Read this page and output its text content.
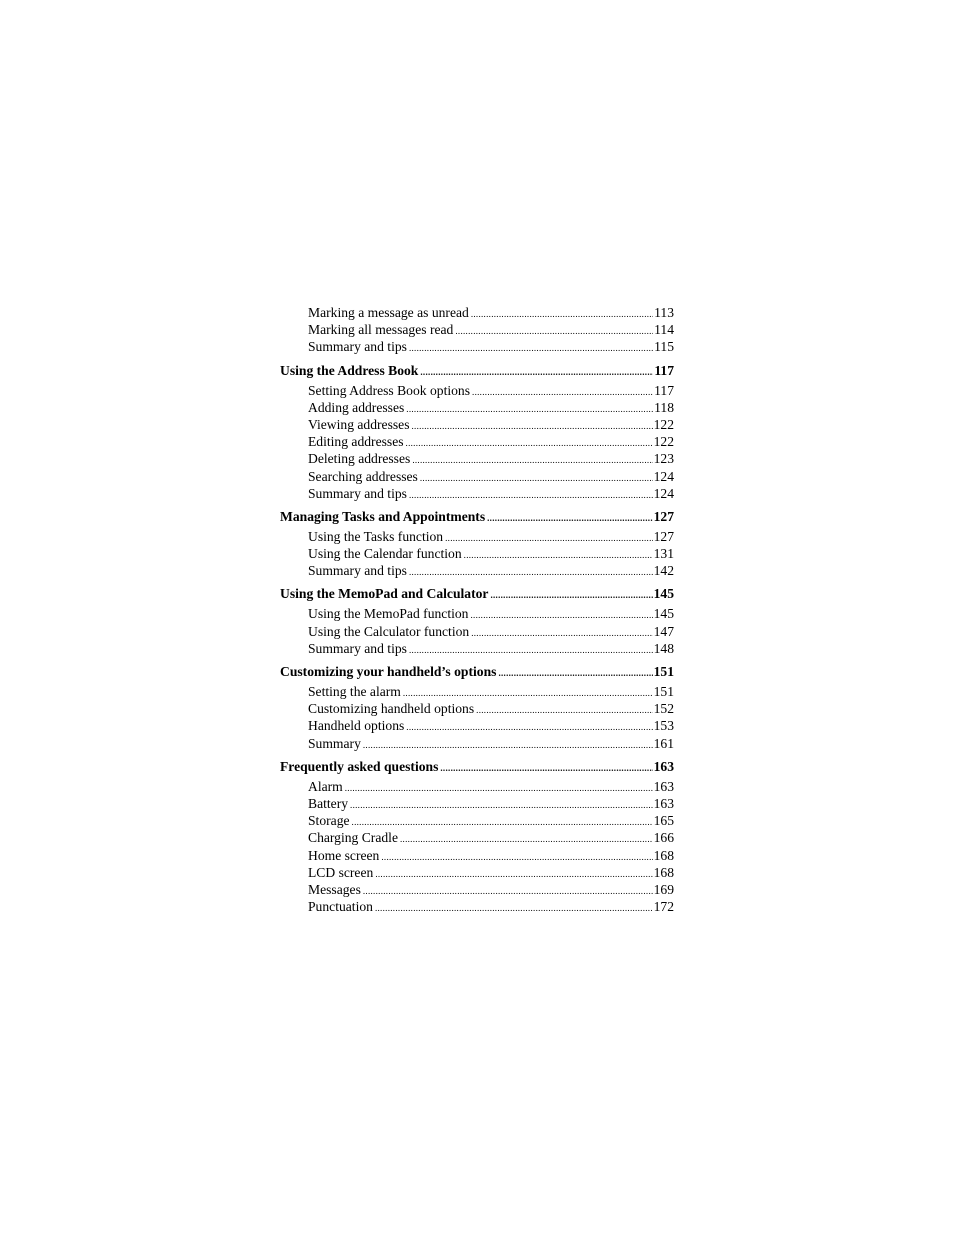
Marking a message as unread .....	113
Marking all messages read .....	114
Summary and tips .....	115
Using the Address Book .....	117
Setting Address Book options .....	117
Adding addresses .....	118
Viewing addresses .....	122
Editing addresses .....	122
Deleting addresses .....	123
Searching addresses .....	124
Summary and tips .....	124
Managing Tasks and Appointments .....	127
Using the Tasks function .....	127
Using the Calendar function .....	131
Summary and tips .....	142
Using the MemoPad and Calculator .....	145
Using the MemoPad function .....	145
Using the Calculator function .....	147
Summary and tips .....	148
Customizing your handheld’s options .....	151
Setting the alarm .....	151
Customizing handheld options .....	152
Handheld options .....	153
Summary .....	161
Frequently asked questions .....	163
Alarm .....	163
Battery .....	163
Storage .....	165
Charging Cradle .....	166
Home screen .....	168
LCD screen .....	168
Messages .....	169
Punctuation .....	172
